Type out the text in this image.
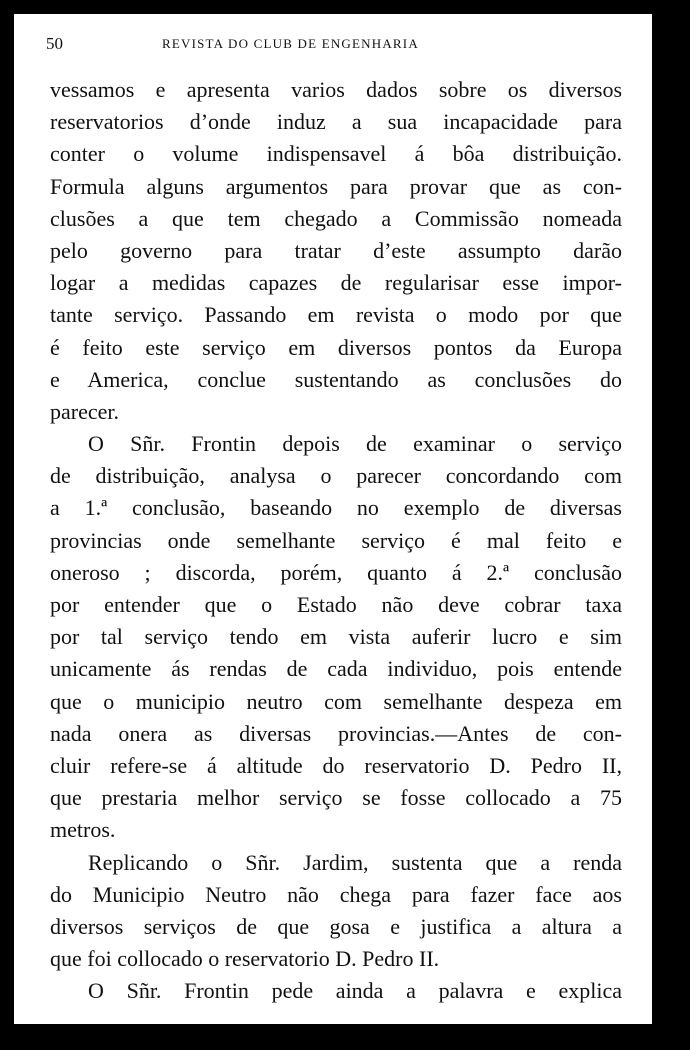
50	REVISTA DO CLUB DE ENGENHARIA
vessamos e apresenta varios dados sobre os diversos
reservatorios d’onde induz a sua incapacidade para
conter o volume indispensavel á bôa distribuição.
Formula alguns argumentos para provar que as con-
clusões a que tem chegado a Commissão nomeada
pelo governo para tratar d’este assumpto darão
logar a medidas capazes de regularisar esse impor-
tante serviço. Passando em revista o modo por que
é feito este serviço em diversos pontos da Europa
e America, conclue sustentando as conclusões do
parecer.
O Sñr. Frontin depois de examinar o serviço
de distribuição, analysa o parecer concordando com
a 1.ª conclusão, baseando no exemplo de diversas
provincias onde semelhante serviço é mal feito e
oneroso ; discorda, porém, quanto á 2.ª conclusão
por entender que o Estado não deve cobrar taxa
por tal serviço tendo em vista auferir lucro e sim
unicamente ás rendas de cada individuo, pois entende
que o municipio neutro com semelhante despeza em
nada onera as diversas provincias.—Antes de con-
cluir refere-se á altitude do reservatorio D. Pedro II,
que prestaria melhor serviço se fosse collocado a 75
metros.
Replicando o Sñr. Jardim, sustenta que a renda
do Municipio Neutro não chega para fazer face aos
diversos serviços de que gosa e justifica a altura a
que foi collocado o reservatorio D. Pedro II.
O Sñr. Frontin pede ainda a palavra e explica
